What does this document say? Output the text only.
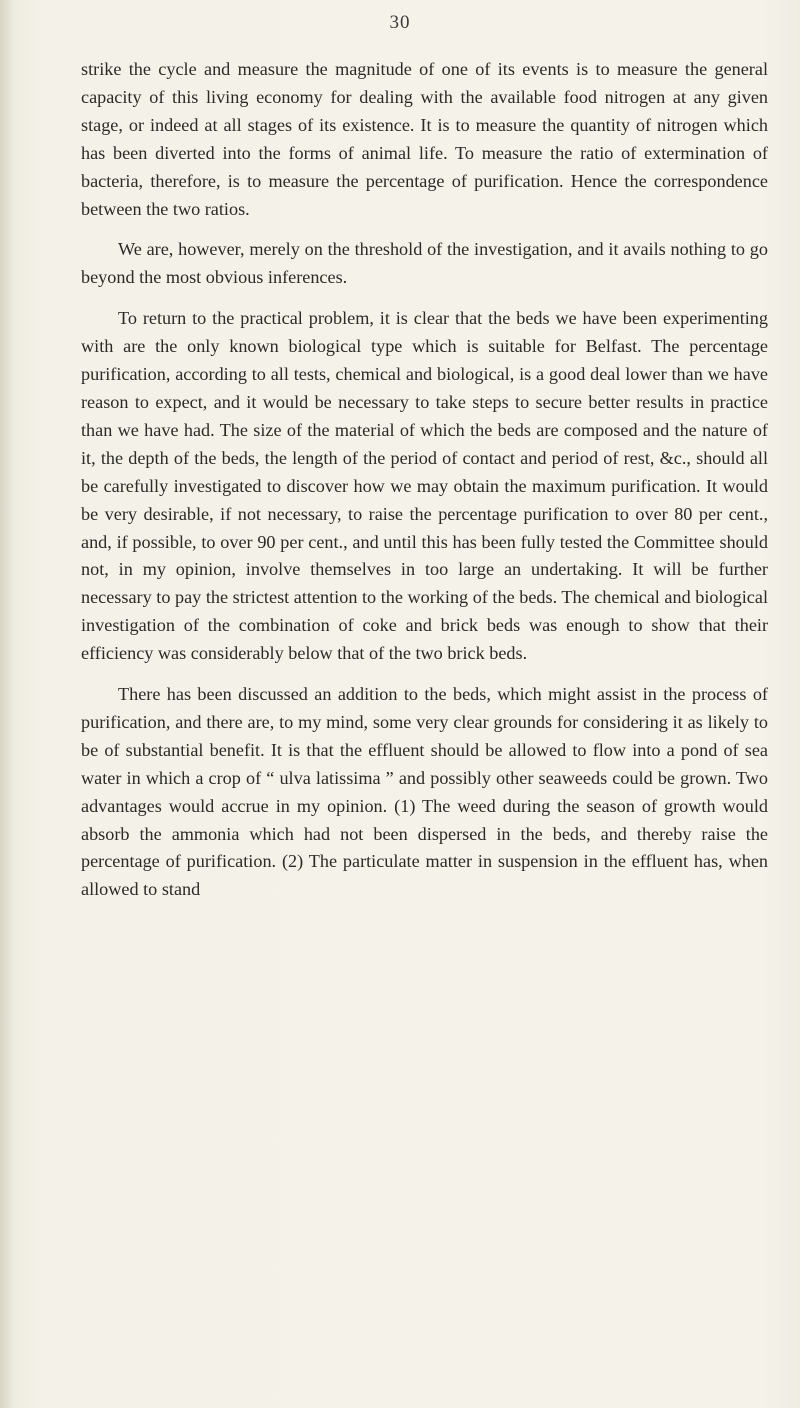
30

strike the cycle and measure the magnitude of one of its events is to measure the general capacity of this living economy for dealing with the available food nitrogen at any given stage, or indeed at all stages of its existence. It is to measure the quantity of nitrogen which has been diverted into the forms of animal life. To measure the ratio of extermination of bacteria, therefore, is to measure the percentage of purification. Hence the correspondence between the two ratios.

We are, however, merely on the threshold of the investigation, and it avails nothing to go beyond the most obvious inferences.

To return to the practical problem, it is clear that the beds we have been experimenting with are the only known biological type which is suitable for Belfast. The percentage purification, according to all tests, chemical and biological, is a good deal lower than we have reason to expect, and it would be necessary to take steps to secure better results in practice than we have had. The size of the material of which the beds are composed and the nature of it, the depth of the beds, the length of the period of contact and period of rest, &c., should all be carefully investigated to discover how we may obtain the maximum purification. It would be very desirable, if not necessary, to raise the percentage purification to over 80 per cent., and, if possible, to over 90 per cent., and until this has been fully tested the Committee should not, in my opinion, involve themselves in too large an undertaking. It will be further necessary to pay the strictest attention to the working of the beds. The chemical and biological investigation of the combination of coke and brick beds was enough to show that their efficiency was considerably below that of the two brick beds.

There has been discussed an addition to the beds, which might assist in the process of purification, and there are, to my mind, some very clear grounds for considering it as likely to be of substantial benefit. It is that the effluent should be allowed to flow into a pond of sea water in which a crop of “ ulva latissima ” and possibly other seaweeds could be grown. Two advantages would accrue in my opinion. (1) The weed during the season of growth would absorb the ammonia which had not been dispersed in the beds, and thereby raise the percentage of purification. (2) The particulate matter in suspension in the effluent has, when allowed to stand
